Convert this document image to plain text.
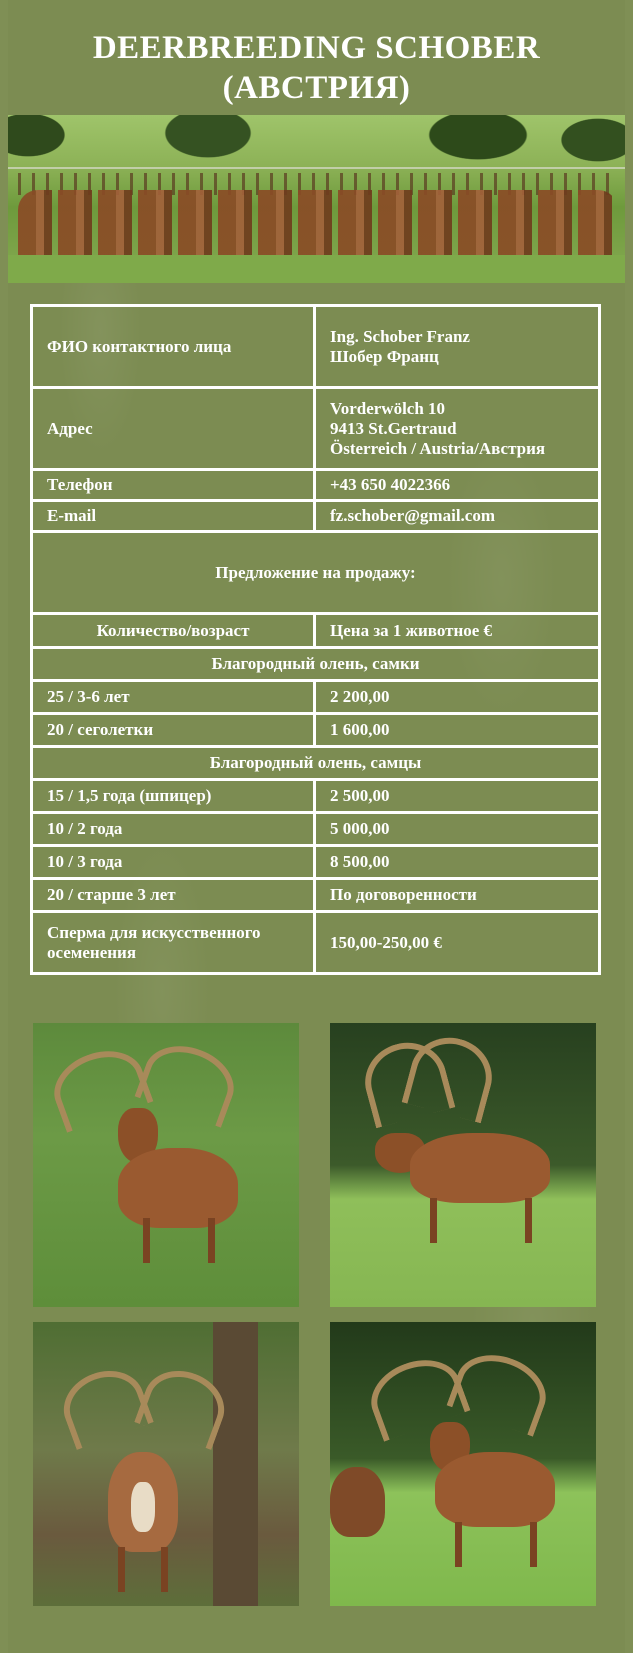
DEERBREEDING SCHOBER
(АВСТРИЯ)
ФИО контактного лица	Ing. Schober Franz
Шобер Франц

Адрес	Vorderwölch 10
9413 St.Gertraud
Österreich / Austria/Австрия

Телефон	+43 650 4022366
E-mail	fz.schober@gmail.com
Предложение на продажу:	
Количество/возраст	Цена за 1 животное €
Благородный олень, самки	
25 / 3-6 лет	2 200,00
20 / сеголетки	1 600,00
Благородный олень, самцы	
15 / 1,5 года (шпицер)	2 500,00
10 / 2 года	5 000,00
10 / 3 года	8 500,00
20 / старше 3 лет	По договоренности

Сперма для искусственного
осеменения	150,00-250,00 €
